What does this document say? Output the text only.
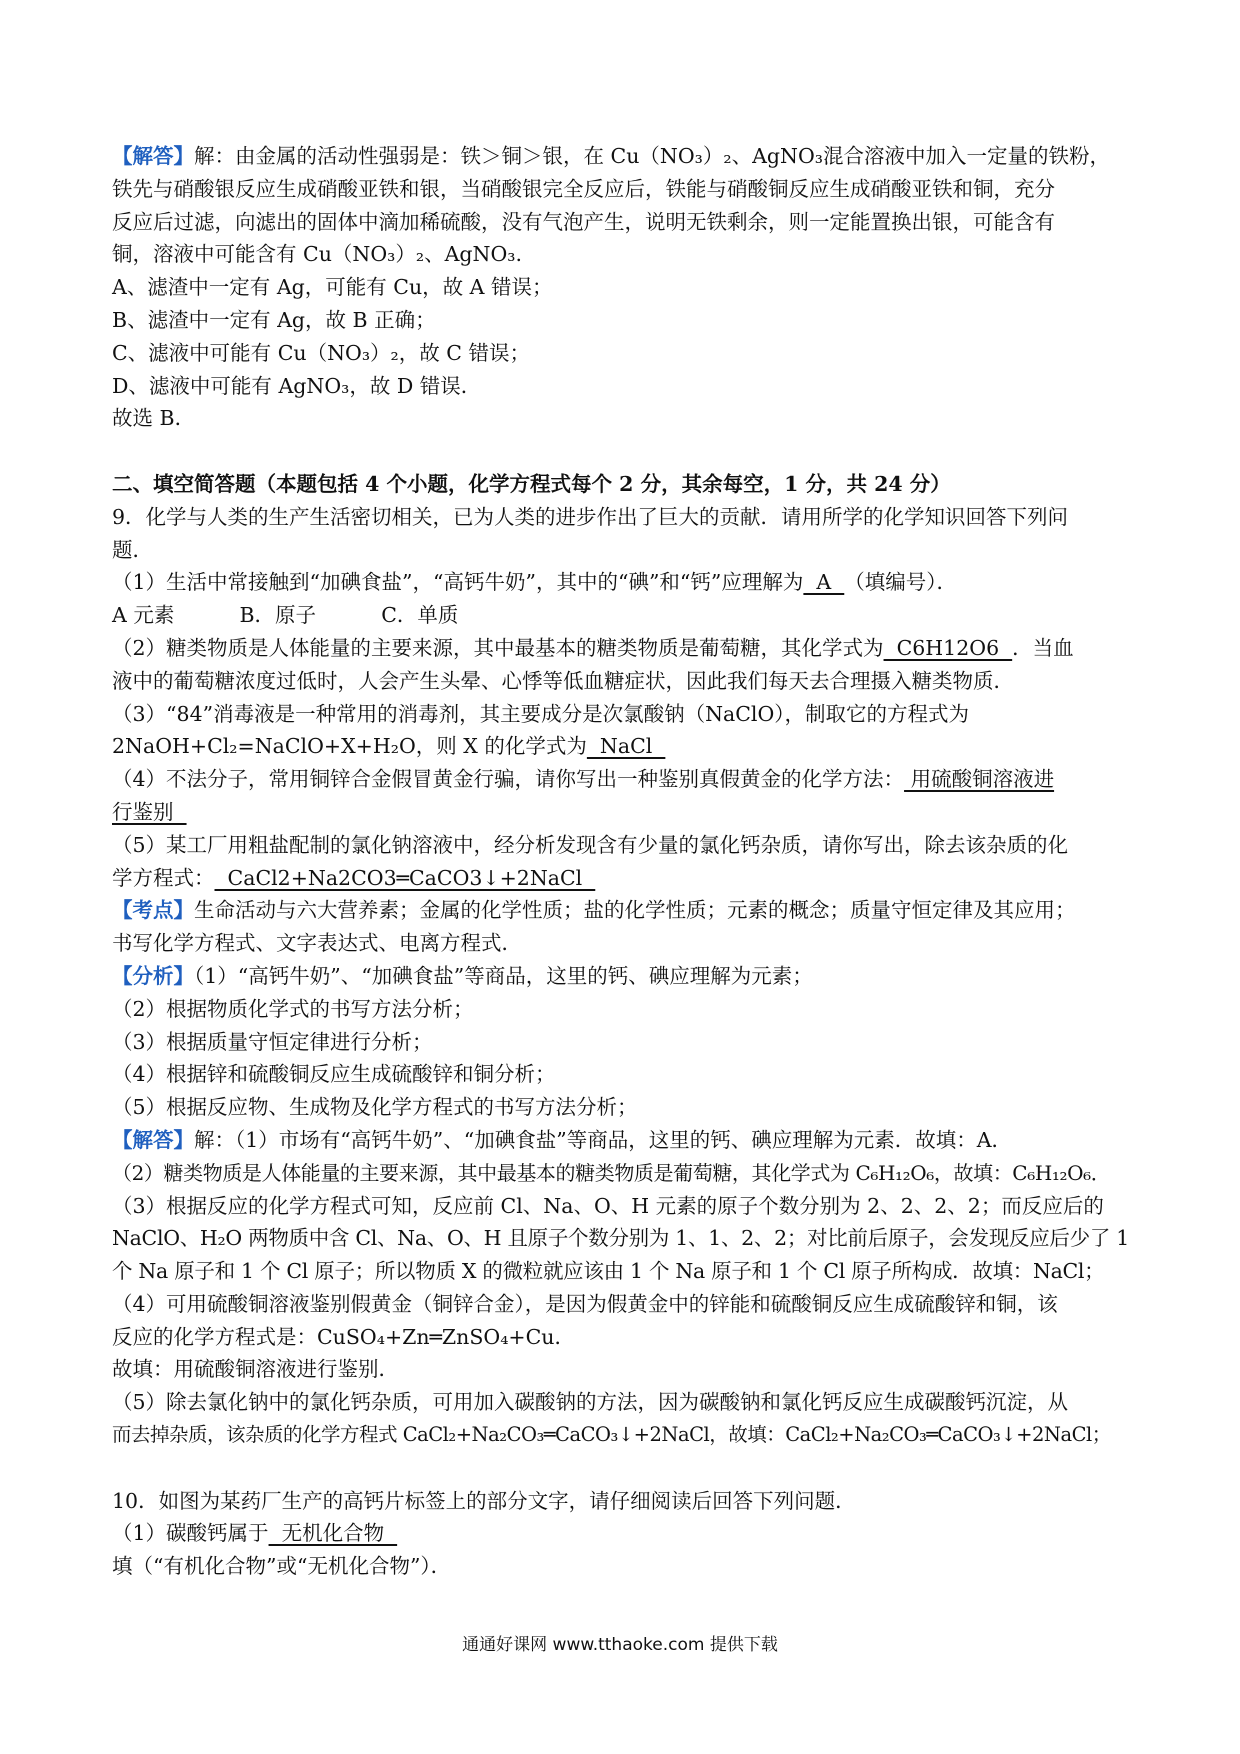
【解答】解：由金属的活动性强弱是：铁＞铜＞银，在 Cu（NO₃）₂、AgNO₃混合溶液中加入一定量的铁粉，
铁先与硝酸银反应生成硝酸亚铁和银，当硝酸银完全反应后，铁能与硝酸铜反应生成硝酸亚铁和铜，充分
反应后过滤，向滤出的固体中滴加稀硫酸，没有气泡产生，说明无铁剩余，则一定能置换出银，可能含有
铜，溶液中可能含有 Cu（NO₃）₂、AgNO₃.
A、滤渣中一定有 Ag，可能有 Cu，故 A 错误；
B、滤渣中一定有 Ag，故 B 正确；
C、滤液中可能有 Cu（NO₃）₂，故 C 错误；
D、滤液中可能有 AgNO₃，故 D 错误．
故选 B．
二、填空简答题（本题包括 4 个小题，化学方程式每个 2 分，其余每空，1 分，共 24 分）
9．化学与人类的生产生活密切相关，已为人类的进步作出了巨大的贡献．请用所学的化学知识回答下列问
题．
（1）生活中常接触到“加碘食盐”，“高钙牛奶”，其中的“碘”和“钙”应理解为  A  （填编号）．
A 元素          B．原子          C．单质
（2）糖类物质是人体能量的主要来源，其中最基本的糖类物质是葡萄糖，其化学式为  C6H12O6  ．当血
液中的葡萄糖浓度过低时，人会产生头晕、心悸等低血糖症状，因此我们每天去合理摄入糖类物质．
（3）“84”消毒液是一种常用的消毒剂，其主要成分是次氯酸钠（NaClO），制取它的方程式为
2NaOH+Cl₂=NaClO+X+H₂O，则 X 的化学式为  NaCl
（4）不法分子，常用铜锌合金假冒黄金行骗，请你写出一种鉴别真假黄金的化学方法： 用硫酸铜溶液进
行鉴别
（5）某工厂用粗盐配制的氯化钠溶液中，经分析发现含有少量的氯化钙杂质，请你写出，除去该杂质的化
学方程式：  CaCl2+Na2CO3═CaCO3↓+2NaCl
【考点】生命活动与六大营养素；金属的化学性质；盐的化学性质；元素的概念；质量守恒定律及其应用；
书写化学方程式、文字表达式、电离方程式．
【分析】（1）“高钙牛奶”、“加碘食盐”等商品，这里的钙、碘应理解为元素；
（2）根据物质化学式的书写方法分析；
（3）根据质量守恒定律进行分析；
（4）根据锌和硫酸铜反应生成硫酸锌和铜分析；
（5）根据反应物、生成物及化学方程式的书写方法分析；
【解答】解：（1）市场有“高钙牛奶”、“加碘食盐”等商品，这里的钙、碘应理解为元素．故填：A．
（2）糖类物质是人体能量的主要来源，其中最基本的糖类物质是葡萄糖，其化学式为 C₆H₁₂O₆，故填：C₆H₁₂O₆．
（3）根据反应的化学方程式可知，反应前 Cl、Na、O、H 元素的原子个数分别为 2、2、2、2；而反应后的
NaClO、H₂O 两物质中含 Cl、Na、O、H 且原子个数分别为 1、1、2、2；对比前后原子，会发现反应后少了 1
个 Na 原子和 1 个 Cl 原子；所以物质 X 的微粒就应该由 1 个 Na 原子和 1 个 Cl 原子所构成．故填：NaCl；
（4）可用硫酸铜溶液鉴别假黄金（铜锌合金），是因为假黄金中的锌能和硫酸铜反应生成硫酸锌和铜，该
反应的化学方程式是：CuSO₄+Zn═ZnSO₄+Cu．
故填：用硫酸铜溶液进行鉴别．
（5）除去氯化钠中的氯化钙杂质，可用加入碳酸钠的方法，因为碳酸钠和氯化钙反应生成碳酸钙沉淀，从
而去掉杂质，该杂质的化学方程式 CaCl₂+Na₂CO₃═CaCO₃↓+2NaCl，故填：CaCl₂+Na₂CO₃═CaCO₃↓+2NaCl；
10．如图为某药厂生产的高钙片标签上的部分文字，请仔细阅读后回答下列问题．
（1）碳酸钙属于  无机化合物
填（“有机化合物”或“无机化合物”）．
通通好课网 www.tthaoke.com 提供下载
